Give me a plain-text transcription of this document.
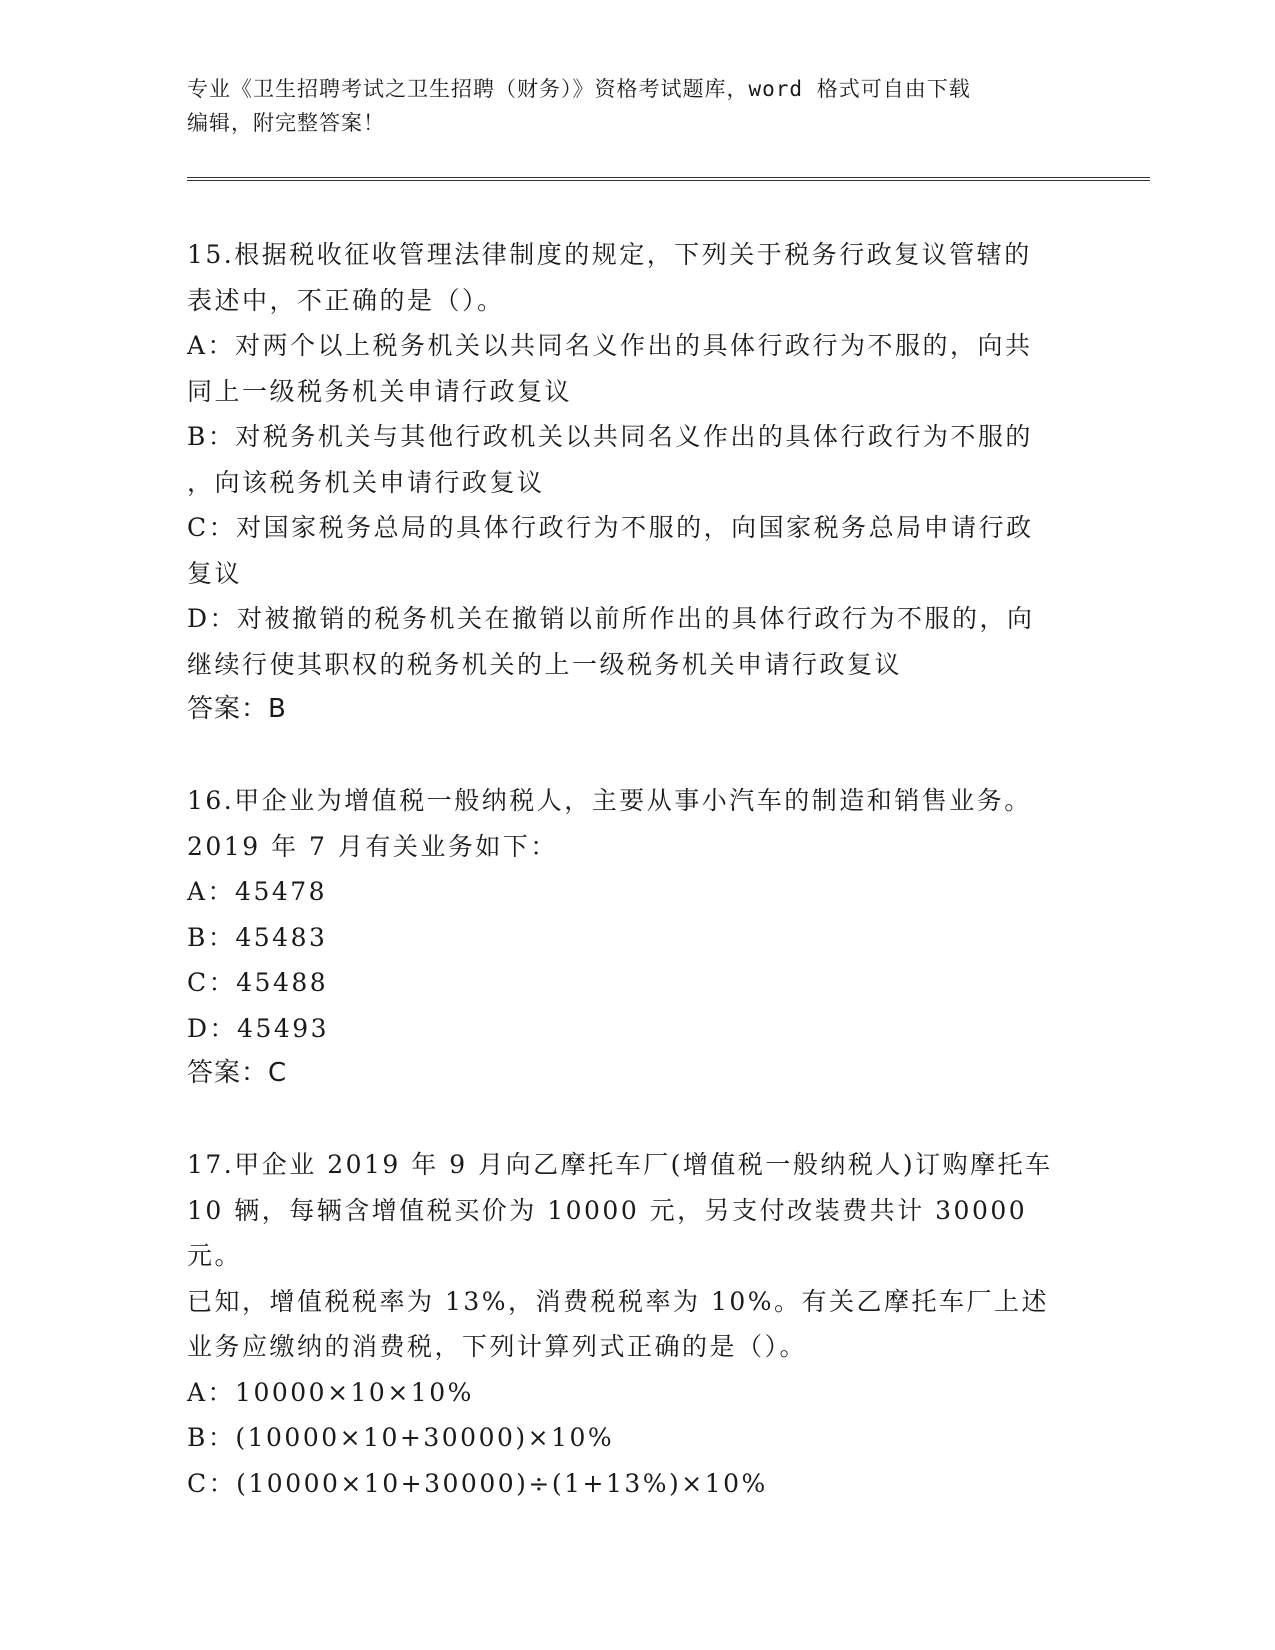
专业《卫生招聘考试之卫生招聘（财务）》资格考试题库，word 格式可自由下载
编辑，附完整答案！
15.根据税收征收管理法律制度的规定，下列关于税务行政复议管辖的
表述中，不正确的是（）。
A：对两个以上税务机关以共同名义作出的具体行政行为不服的，向共
同上一级税务机关申请行政复议
B：对税务机关与其他行政机关以共同名义作出的具体行政行为不服的
，向该税务机关申请行政复议
C：对国家税务总局的具体行政行为不服的，向国家税务总局申请行政
复议
D：对被撤销的税务机关在撤销以前所作出的具体行政行为不服的，向
继续行使其职权的税务机关的上一级税务机关申请行政复议
答案：B
16.甲企业为增值税一般纳税人，主要从事小汽车的制造和销售业务。
2019 年 7 月有关业务如下：
A：45478
B：45483
C：45488
D：45493
答案：C
17.甲企业 2019 年 9 月向乙摩托车厂(增值税一般纳税人)订购摩托车
10 辆，每辆含增值税买价为 10000 元，另支付改装费共计 30000 元。
已知，增值税税率为 13%，消费税税率为 10%。有关乙摩托车厂上述
业务应缴纳的消费税，下列计算列式正确的是（）。
A：10000×10×10%
B：(10000×10+30000)×10%
C：(10000×10+30000)÷(1+13%)×10%
